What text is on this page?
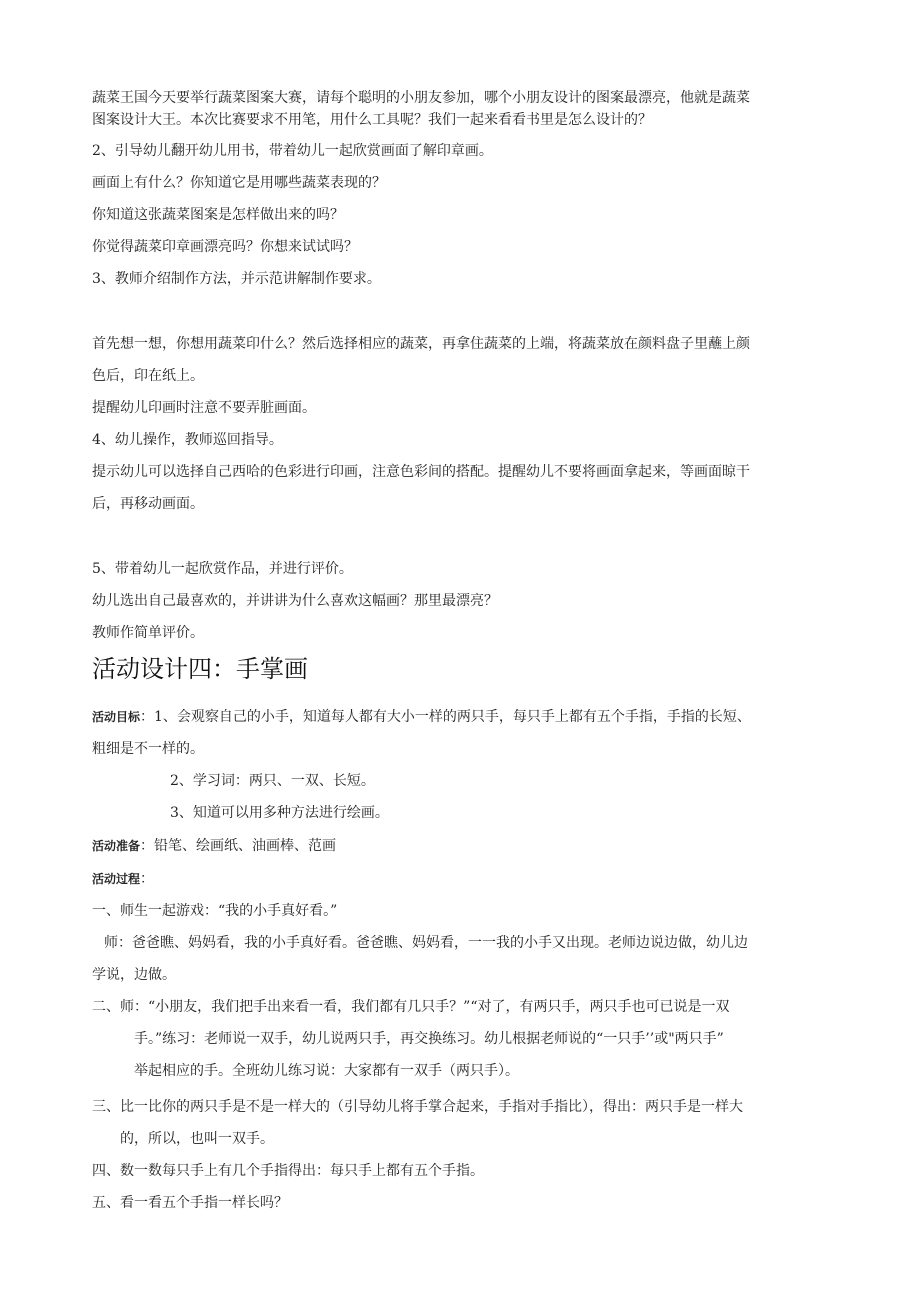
蔬菜王国今天要举行蔬菜图案大赛，请每个聪明的小朋友参加，哪个小朋友设计的图案最漂亮，他就是蔬菜
图案设计大王。本次比赛要求不用笔，用什么工具呢？我们一起来看看书里是怎么设计的？
2、引导幼儿翻开幼儿用书，带着幼儿一起欣赏画面了解印章画。
画面上有什么？你知道它是用哪些蔬菜表现的？
你知道这张蔬菜图案是怎样做出来的吗？
你觉得蔬菜印章画漂亮吗？你想来试试吗？
3、教师介绍制作方法，并示范讲解制作要求。
首先想一想，你想用蔬菜印什么？然后选择相应的蔬菜，再拿住蔬菜的上端，将蔬菜放在颜料盘子里蘸上颜
色后，印在纸上。
提醒幼儿印画时注意不要弄脏画面。
4、幼儿操作，教师巡回指导。
提示幼儿可以选择自己西哈的色彩进行印画，注意色彩间的搭配。提醒幼儿不要将画面拿起来，等画面晾干
后，再移动画面。
5、带着幼儿一起欣赏作品，并进行评价。
幼儿选出自己最喜欢的，并讲讲为什么喜欢这幅画？那里最漂亮？
教师作简单评价。
活动设计四：手掌画
活动目标：1、会观察自己的小手，知道每人都有大小一样的两只手，每只手上都有五个手指，手指的长短、
粗细是不一样的。
2、学习词：两只、一双、长短。
3、知道可以用多种方法进行绘画。
活动准备：铅笔、绘画纸、油画棒、范画
活动过程：
一、师生一起游戏：“我的小手真好看。”
师：爸爸瞧、妈妈看，我的小手真好看。爸爸瞧、妈妈看，一一我的小手又出现。老师边说边做，幼儿边
学说，边做。
二、师：“小朋友，我们把手出来看一看，我们都有几只手？”“对了，有两只手，两只手也可已说是一双
手。”练习：老师说一双手，幼儿说两只手，再交换练习。幼儿根据老师说的“一只手’’或"两只手”
举起相应的手。全班幼儿练习说：大家都有一双手（两只手）。
三、比一比你的两只手是不是一样大的（引导幼儿将手掌合起来，手指对手指比），得出：两只手是一样大
的，所以，也叫一双手。
四、数一数每只手上有几个手指得出：每只手上都有五个手指。
五、看一看五个手指一样长吗？
